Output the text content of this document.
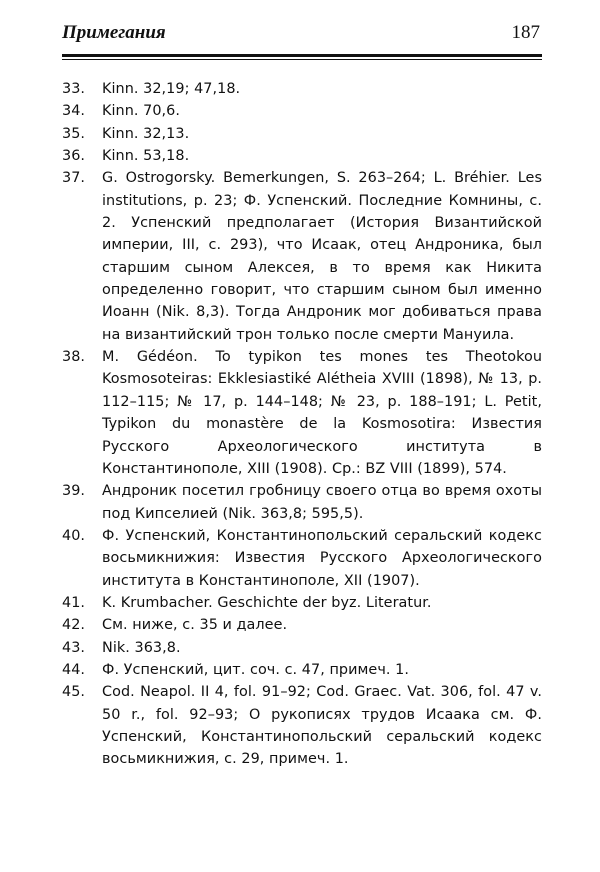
Примегания	187
33.	Kinn. 32,19; 47,18.
34.	Kinn. 70,6.
35.	Kinn. 32,13.
36.	Kinn. 53,18.
37.	G. Ostrogorsky. Bemerkungen, S. 263–264; L. Bréhier. Les institutions, p. 23; Ф. Успенский. Последние Комнины, с. 2. Успенский предполагает (История Византийской империи, III, с. 293), что Исаак, отец Андроника, был старшим сыном Алексея, в то время как Никита определенно говорит, что старшим сыном был именно Иоанн (Nik. 8,3). Тогда Андроник мог добиваться права на византийский трон только после смерти Мануила.
38.	M. Gédéon. To typikon tes mones tes Theotokou Kosmosoteiras: Ekklesiastiké Alétheia XVIII (1898), № 13, p. 112–115; № 17, p. 144–148; № 23, p. 188–191; L. Petit, Typikon du monastère de la Kosmosotira: Известия Русского Археологического института в Константинополе, XIII (1908). Ср.: BZ VIII (1899), 574.
39.	Андроник посетил гробницу своего отца во время охоты под Кипселией (Nik. 363,8; 595,5).
40.	Ф. Успенский, Константинопольский серальский кодекс восьмикнижия: Известия Русского Археологического института в Константинополе, XII (1907).
41.	K. Krumbacher. Geschichte der byz. Literatur.
42.	См. ниже, с. 35 и далее.
43.	Nik. 363,8.
44.	Ф. Успенский, цит. соч. с. 47, примеч. 1.
45.	Cod. Neapol. II 4, fol. 91–92; Cod. Graec. Vat. 306, fol. 47 v. 50 r., fol. 92–93; О рукописях трудов Исаака см. Ф. Успенский, Константинопольский серальский кодекс восьмикнижия, с. 29, примеч. 1.
